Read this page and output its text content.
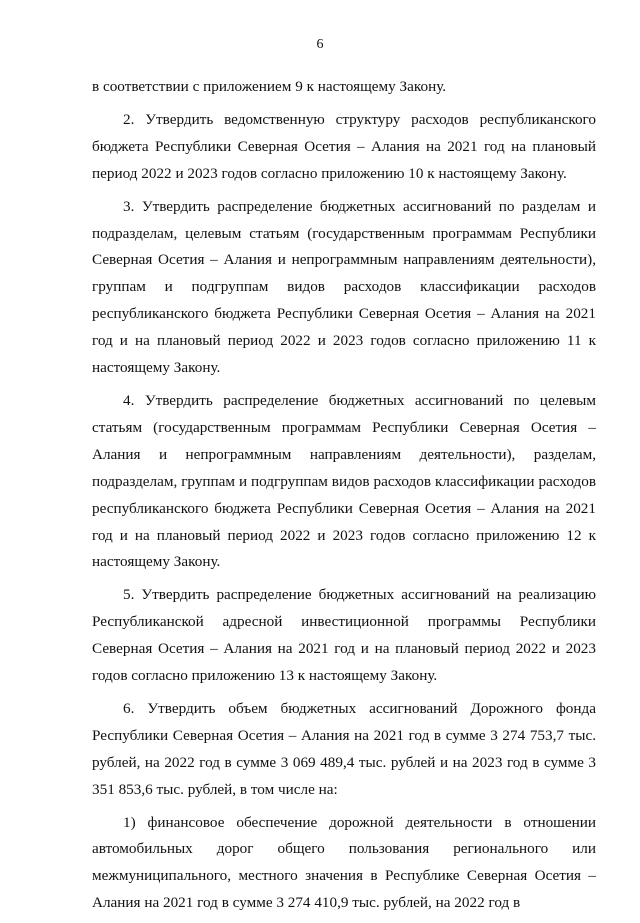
6

в соответствии с приложением 9 к настоящему Закону.

2. Утвердить ведомственную структуру расходов республиканского бюджета Республики Северная Осетия – Алания на 2021 год на плановый период 2022 и 2023 годов согласно приложению 10 к настоящему Закону.

3. Утвердить распределение бюджетных ассигнований по разделам и подразделам, целевым статьям (государственным программам Республики Северная Осетия – Алания и непрограммным направлениям деятельности), группам и подгруппам видов расходов классификации расходов республиканского бюджета Республики Северная Осетия – Алания на 2021 год и на плановый период 2022 и 2023 годов согласно приложению 11 к настоящему Закону.

4. Утвердить распределение бюджетных ассигнований по целевым статьям (государственным программам Республики Северная Осетия – Алания и непрограммным направлениям деятельности), разделам, подразделам, группам и подгруппам видов расходов классификации расходов республиканского бюджета Республики Северная Осетия – Алания на 2021 год и на плановый период 2022 и 2023 годов согласно приложению 12 к настоящему Закону.

5. Утвердить распределение бюджетных ассигнований на реализацию Республиканской адресной инвестиционной программы Республики Северная Осетия – Алания на 2021 год и на плановый период 2022 и 2023 годов согласно приложению 13 к настоящему Закону.

6. Утвердить объем бюджетных ассигнований Дорожного фонда Республики Северная Осетия – Алания на 2021 год в сумме 3 274 753,7 тыс. рублей, на 2022 год в сумме 3 069 489,4 тыс. рублей и на 2023 год в сумме 3 351 853,6 тыс. рублей, в том числе на:

1) финансовое обеспечение дорожной деятельности в отношении автомобильных дорог общего пользования регионального или межмуниципального, местного значения в Республике Северная Осетия – Алания на 2021 год в сумме 3 274 410,9 тыс. рублей, на 2022 год в
